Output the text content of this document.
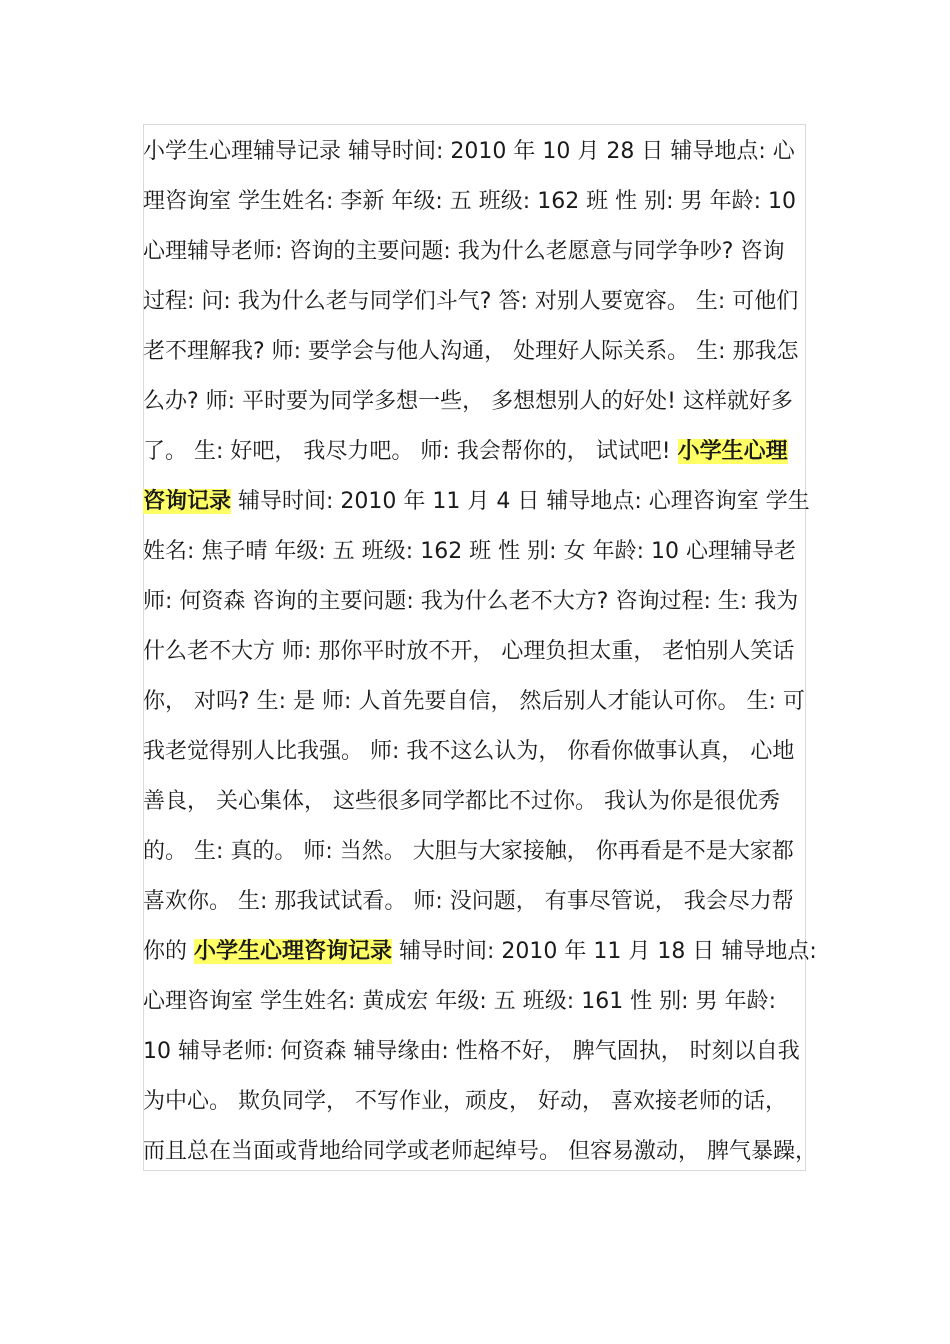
小学生心理辅导记录 辅导时间: 2010 年 10 月 28 日 辅导地点: 心
理咨询室 学生姓名: 李新 年级: 五 班级: 162 班 性 别: 男 年龄: 10
心理辅导老师: 咨询的主要问题: 我为什么老愿意与同学争吵? 咨询
过程: 问: 我为什么老与同学们斗气? 答: 对别人要宽容。 生: 可他们
老不理解我? 师: 要学会与他人沟通， 处理好人际关系。 生: 那我怎
么办? 师: 平时要为同学多想一些， 多想想别人的好处! 这样就好多
了。 生: 好吧， 我尽力吧。 师: 我会帮你的， 试试吧! 小学生心理
咨询记录 辅导时间: 2010 年 11 月 4 日 辅导地点: 心理咨询室 学生
姓名: 焦子晴 年级: 五 班级: 162 班 性 别: 女 年龄: 10 心理辅导老
师: 何资森 咨询的主要问题: 我为什么老不大方? 咨询过程: 生: 我为
什么老不大方 师: 那你平时放不开， 心理负担太重， 老怕别人笑话
你， 对吗? 生: 是 师: 人首先要自信， 然后别人才能认可你。 生: 可
我老觉得别人比我强。 师: 我不这么认为， 你看你做事认真， 心地
善良， 关心集体， 这些很多同学都比不过你。 我认为你是很优秀
的。 生: 真的。 师: 当然。 大胆与大家接触， 你再看是不是大家都
喜欢你。 生: 那我试试看。 师: 没问题， 有事尽管说， 我会尽力帮
你的 小学生心理咨询记录 辅导时间: 2010 年 11 月 18 日 辅导地点:
心理咨询室 学生姓名: 黄成宏 年级: 五 班级: 161 性 别: 男 年龄:
10 辅导老师: 何资森 辅导缘由: 性格不好， 脾气固执， 时刻以自我
为中心。 欺负同学， 不写作业，顽皮， 好动， 喜欢接老师的话，
而且总在当面或背地给同学或老师起绰号。 但容易激动， 脾气暴躁，
